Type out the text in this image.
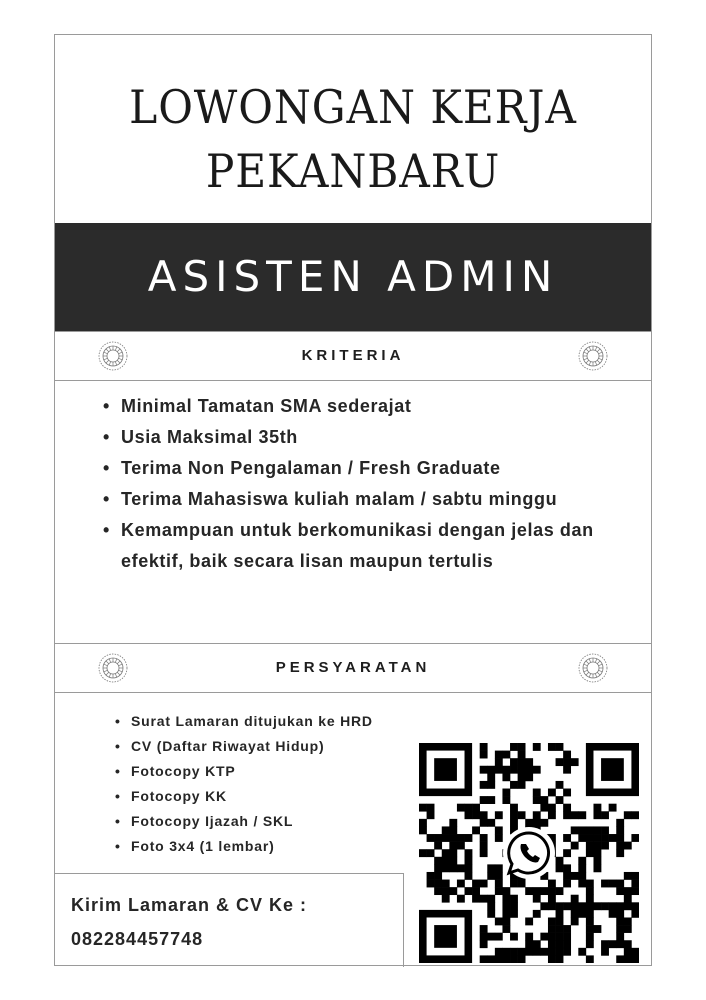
LOWONGAN KERJA
PEKANBARU
ASISTEN ADMIN
KRITERIA
• Minimal Tamatan SMA sederajat
• Usia Maksimal 35th
• Terima Non Pengalaman / Fresh Graduate
• Terima Mahasiswa kuliah malam / sabtu minggu
• Kemampuan untuk berkomunikasi dengan jelas dan efektif, baik secara lisan maupun tertulis
PERSYARATAN
• Surat Lamaran ditujukan ke HRD
• CV (Daftar Riwayat Hidup)
• Fotocopy KTP
• Fotocopy KK
• Fotocopy Ijazah / SKL
• Foto 3x4 (1 lembar)
Kirim Lamaran & CV Ke :
082284457748
